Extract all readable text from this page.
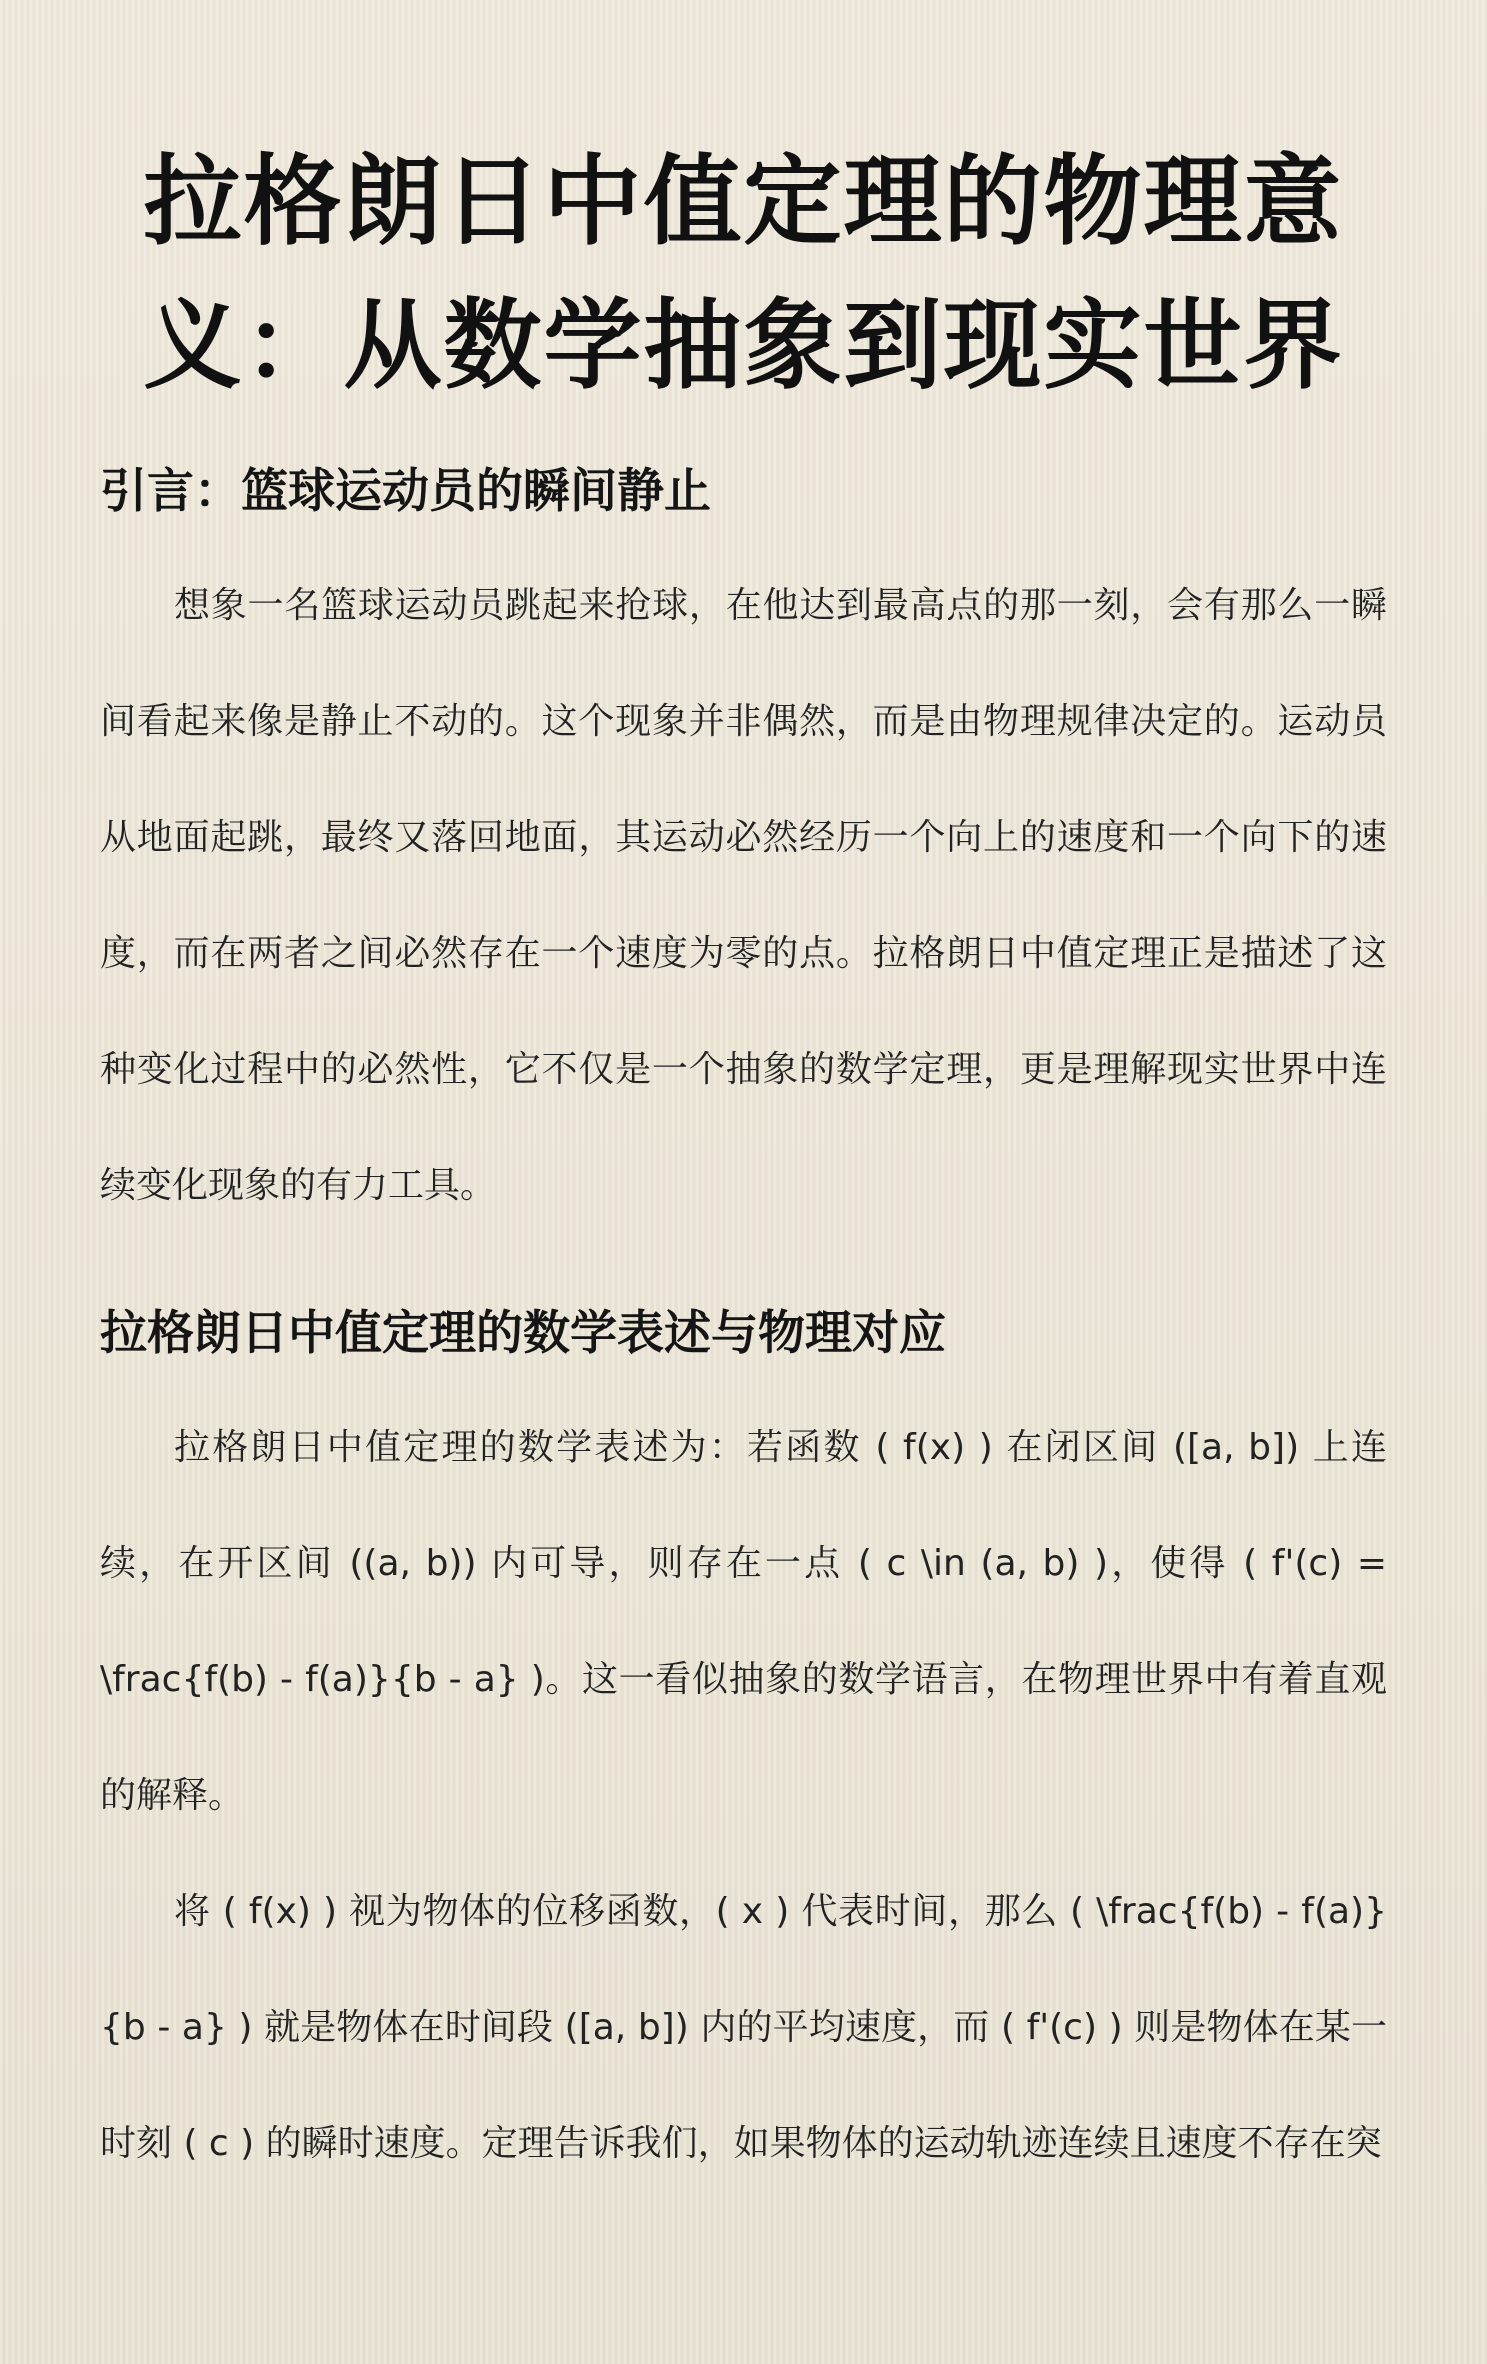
拉格朗日中值定理的物理意义：从数学抽象到现实世界
引言：篮球运动员的瞬间静止

想象一名篮球运动员跳起来抢球，在他达到最高点的那一刻，会有那么一瞬间看起来像是静止不动的。这个现象并非偶然，而是由物理规律决定的。运动员从地面起跳，最终又落回地面，其运动必然经历一个向上的速度和一个向下的速度，而在两者之间必然存在一个速度为零的点。拉格朗日中值定理正是描述了这种变化过程中的必然性，它不仅是一个抽象的数学定理，更是理解现实世界中连续变化现象的有力工具。

拉格朗日中值定理的数学表述与物理对应

拉格朗日中值定理的数学表述为：若函数 ( f(x) ) 在闭区间 ([a, b]) 上连续，在开区间 ((a, b)) 内可导，则存在一点 ( c \in (a, b) )，使得 ( f'(c) = \frac{f(b) - f(a)}{b - a} )。这一看似抽象的数学语言，在物理世界中有着直观的解释。

将 ( f(x) ) 视为物体的位移函数，( x ) 代表时间，那么 ( \frac{f(b) - f(a)}{b - a} ) 就是物体在时间段 ([a, b]) 内的平均速度，而 ( f'(c) ) 则是物体在某一时刻 ( c ) 的瞬时速度。定理告诉我们，如果物体的运动轨迹连续且速度不存在突
